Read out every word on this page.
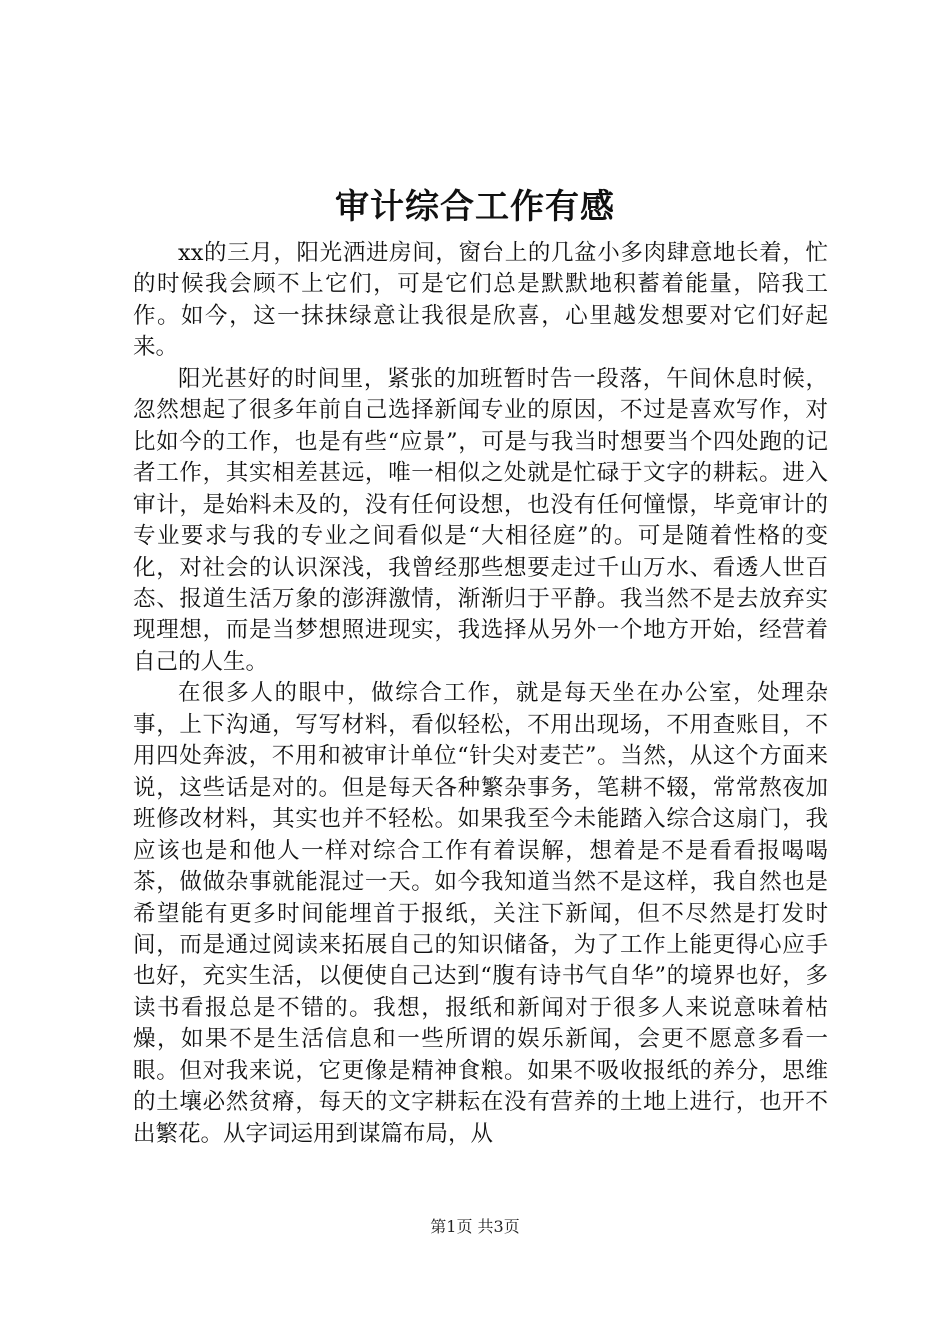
审计综合工作有感

xx的三月，阳光洒进房间，窗台上的几盆小多肉肆意地长着，忙的时候我会顾不上它们，可是它们总是默默地积蓄着能量，陪我工作。如今，这一抹抹绿意让我很是欣喜，心里越发想要对它们好起来。

阳光甚好的时间里，紧张的加班暂时告一段落，午间休息时候，忽然想起了很多年前自己选择新闻专业的原因，不过是喜欢写作，对比如今的工作，也是有些“应景”，可是与我当时想要当个四处跑的记者工作，其实相差甚远，唯一相似之处就是忙碌于文字的耕耘。进入审计，是始料未及的，没有任何设想，也没有任何憧憬，毕竟审计的专业要求与我的专业之间看似是“大相径庭”的。可是随着性格的变化，对社会的认识深浅，我曾经那些想要走过千山万水、看透人世百态、报道生活万象的澎湃激情，渐渐归于平静。我当然不是去放弃实现理想，而是当梦想照进现实，我选择从另外一个地方开始，经营着自己的人生。

在很多人的眼中，做综合工作，就是每天坐在办公室，处理杂事，上下沟通，写写材料，看似轻松，不用出现场，不用查账目，不用四处奔波，不用和被审计单位“针尖对麦芒”。当然，从这个方面来说，这些话是对的。但是每天各种繁杂事务，笔耕不辍，常常熬夜加班修改材料，其实也并不轻松。如果我至今未能踏入综合这扇门，我应该也是和他人一样对综合工作有着误解，想着是不是看看报喝喝茶，做做杂事就能混过一天。如今我知道当然不是这样，我自然也是希望能有更多时间能埋首于报纸，关注下新闻，但不尽然是打发时间，而是通过阅读来拓展自己的知识储备，为了工作上能更得心应手也好，充实生活，以便使自己达到“腹有诗书气自华”的境界也好，多读书看报总是不错的。我想，报纸和新闻对于很多人来说意味着枯燥，如果不是生活信息和一些所谓的娱乐新闻，会更不愿意多看一眼。但对我来说，它更像是精神食粮。如果不吸收报纸的养分，思维的土壤必然贫瘠，每天的文字耕耘在没有营养的土地上进行，也开不出繁花。从字词运用到谋篇布局，从

第1页 共3页
